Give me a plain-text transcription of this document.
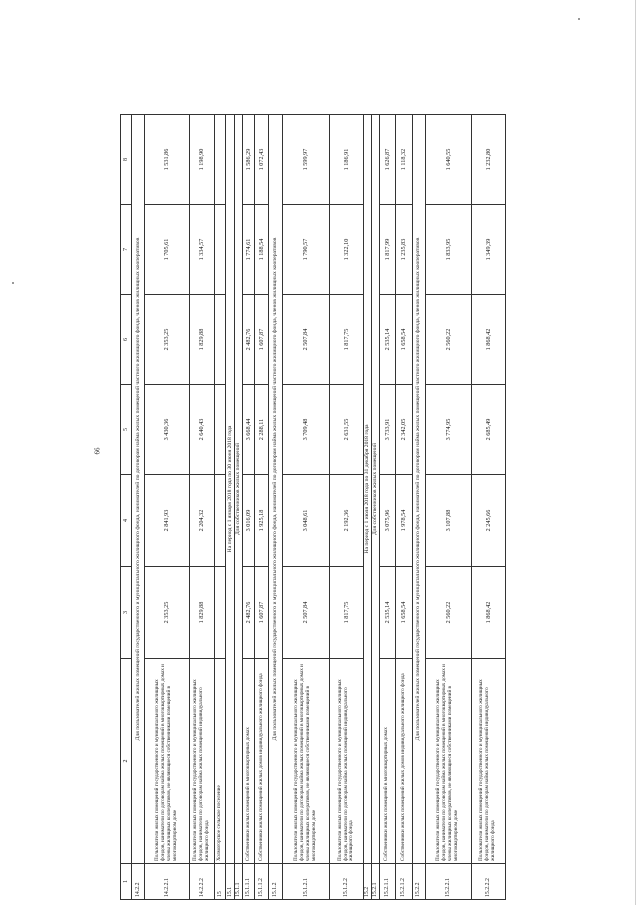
66
1	2	3	4	5	6	7	8
14.2.2	Для пользователей жилых помещений государственного и муниципального жилищного фонда, нанимателей по договорам найма жилых помещений частного жилищного фонда, членов жилищных кооперативов						
14.2.2.1	Пользователи жилых помещений государственного и муниципального жилищных фондов, наниматели по договорам найма жилых помещений в многоквартирных домах и члены жилищных кооперативов, не являющиеся собственниками помещений в многоквартирном доме	2 353,25	2 841,93	3 430,36	2 353,25	1 705,61	1 531,86
14.2.2.2	Пользователи жилых помещений государственного и муниципального жилищных фондов, наниматели по договорам найма жилых помещений индивидуального жилищного фонда	1 829,88	2 204,32	2 640,43	1 829,88	1 334,57	1 198,90
15	Холмогорское сельское поселение						
15.1	На период с 1 января 2018 года по 30 июня 2018 года						
15.1.1	Для собственников жилых помещений						
15.1.1.1	Собственники жилых помещений в многоквартирных домах	2 482,76	3 016,09	3 668,44	2 482,76	1 774,61	1 586,29
15.1.1.2	Собственники жилых помещений жилых домов индивидуального жилищного фонда	1 607,87	1 925,18	2 288,11	1 607,87	1 188,54	1 072,43
15.1.2	Для пользователей жилых помещений государственного и муниципального жилищного фонда, нанимателей по договорам найма жилых помещений частного жилищного фонда, членов жилищных кооперативов						
15.1.2.1	Пользователи жилых помещений государственного и муниципального жилищных фондов, наниматели по договорам найма жилых помещений в многоквартирных домах и члены жилищных кооперативов, не являющиеся собственниками помещений в многоквартирном доме	2 507,84	3 048,61	3 709,48	2 507,84	1 790,57	1 599,97
15.1.2.2	Пользователи жилых помещений государственного и муниципального жилищных фондов, наниматели по договорам найма жилых помещений индивидуального жилищного фонда	1 817,75	2 192,36	2 631,55	1 817,75	1 322,10	1 186,91
15.2	На период с 1 июля 2018 года по 31 декабря 2018 года						
15.2.1	Для собственников жилых помещений						
15.2.1.1	Собственники жилых помещений в многоквартирных домах	2 535,14	3 075,96	3 733,91	2 535,14	1 817,99	1 626,87
15.2.1.2	Собственники жилых помещений жилых домов индивидуального жилищного фонда	1 658,54	1 978,54	2 342,05	1 658,54	1 235,83	1 118,32
15.2.2	Для пользователей жилых помещений государственного и муниципального жилищного фонда, нанимателей по договорам найма жилых помещений частного жилищного фонда, членов жилищных кооперативов						
15.2.2.1	Пользователи жилых помещений государственного и муниципального жилищных фондов, наниматели по договорам найма жилых помещений в многоквартирных домах и члены жилищных кооперативов, не являющиеся собственниками помещений в многоквартирном доме	2 560,22	3 107,88	3 774,95	2 560,22	1 833,95	1 640,55
15.2.2.2	Пользователи жилых помещений государственного и муниципального жилищных фондов, наниматели по договорам найма жилых помещений индивидуального жилищного фонда	1 868,42	2 245,66	2 685,49	1 868,42	1 349,39	1 232,80
